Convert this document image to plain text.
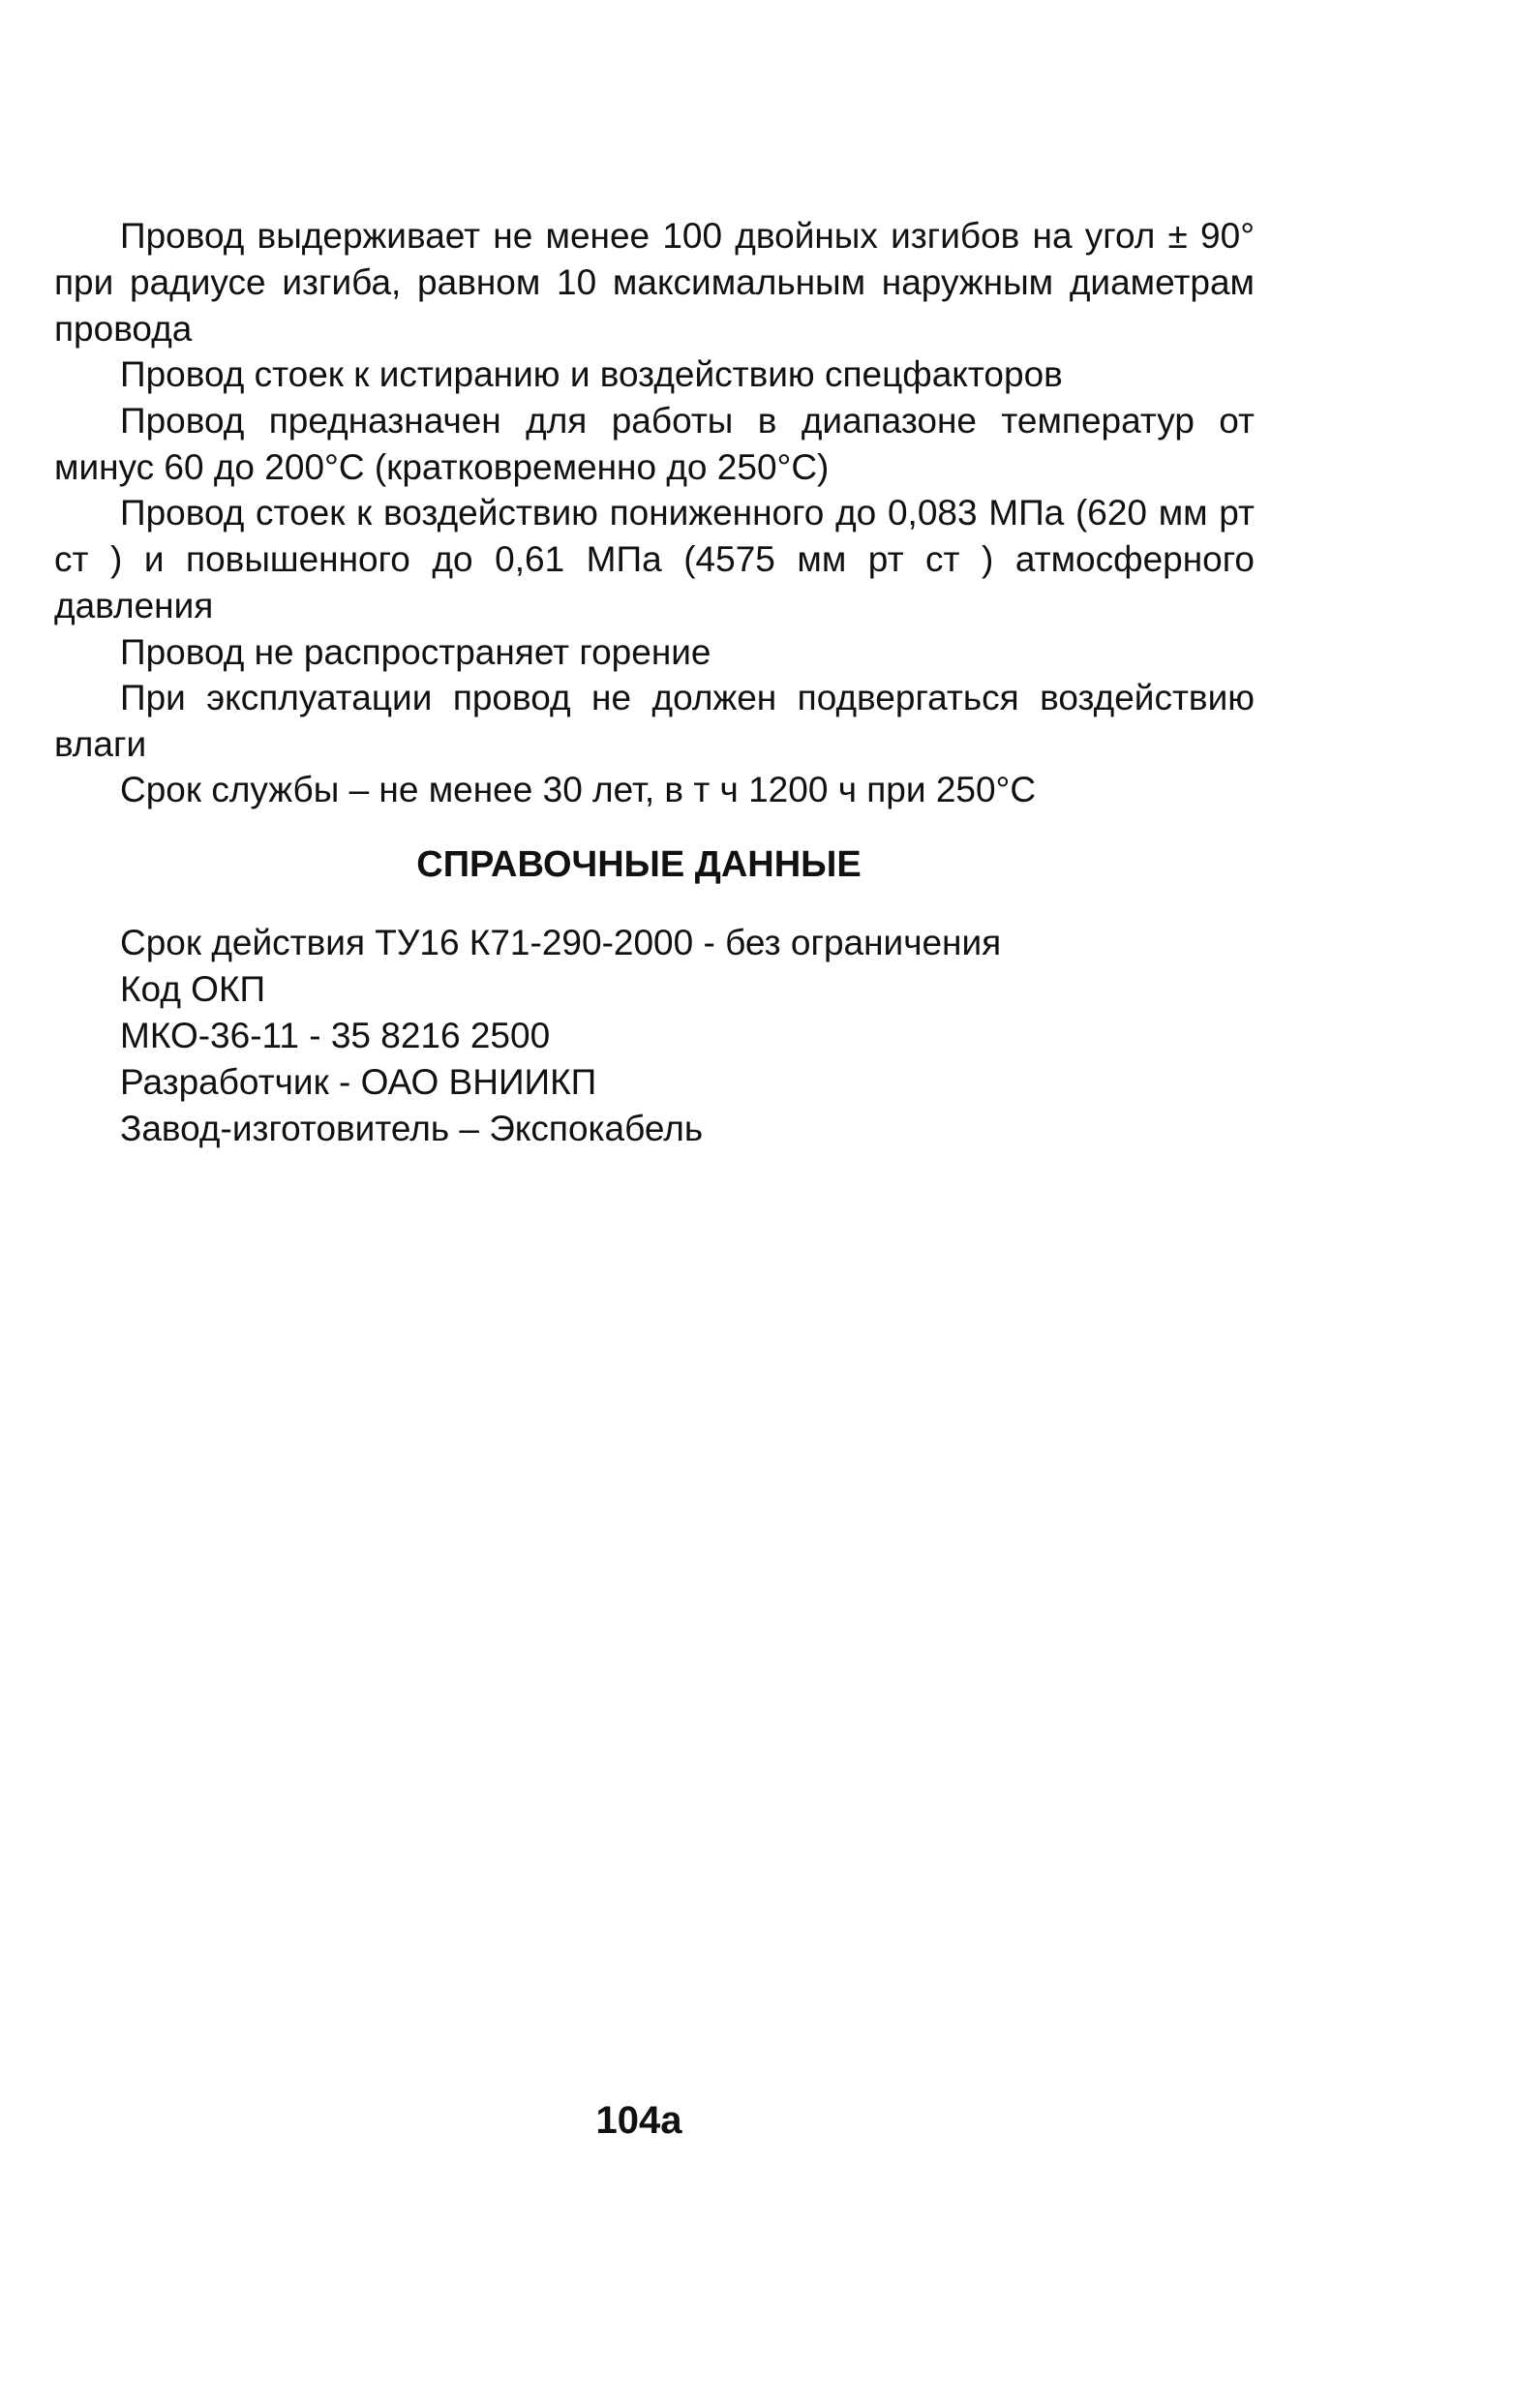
Провод выдерживает не менее 100 двойных изгибов на угол ± 90° при радиусе изгиба, равном 10 максимальным наружным диаметрам провода

Провод стоек к истиранию и воздействию спецфакторов

Провод предназначен для работы в диапазоне температур от минус 60 до 200°С (кратковременно до 250°С)

Провод стоек к воздействию пониженного до 0,083 МПа (620 мм рт ст ) и повышенного до 0,61 МПа (4575 мм рт ст ) атмосферного давления

Провод не распространяет горение

При эксплуатации провод не должен подвергаться воздействию влаги

Срок службы – не менее 30 лет, в т ч 1200 ч при 250°С

СПРАВОЧНЫЕ ДАННЫЕ

Срок действия ТУ16 К71-290-2000 - без ограничения

Код ОКП

МКО-36-11 - 35 8216 2500

Разработчик - ОАО ВНИИКП

Завод-изготовитель – Экспокабель

104а
